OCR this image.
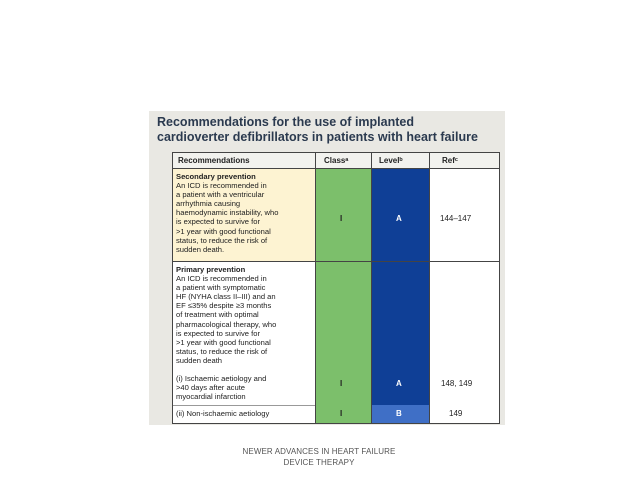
Recommendations for the use of implanted
cardioverter defibrillators in patients with heart failure
Recommendations	Classᵃ	Levelᵇ	Refᶜ
Secondary prevention
An ICD is recommended in
a patient with a ventricular
arrhythmia causing
haemodynamic instability, who
is expected to survive for
>1 year with good functional
status, to reduce the risk of
sudden death.
I	A	144–147
Primary prevention
An ICD is recommended in
a patient with symptomatic
HF (NYHA class II–III) and an
EF ≤35% despite ≥3 months
of treatment with optimal
pharmacological therapy, who
is expected to survive for
>1 year with good functional
status, to reduce the risk of
sudden death
(i) Ischaemic aetiology and
>40 days after acute
myocardial infarction
I	A	148, 149
(ii) Non-ischaemic aetiology	I	B	149
NEWER ADVANCES IN HEART FAILURE
DEVICE THERAPY
